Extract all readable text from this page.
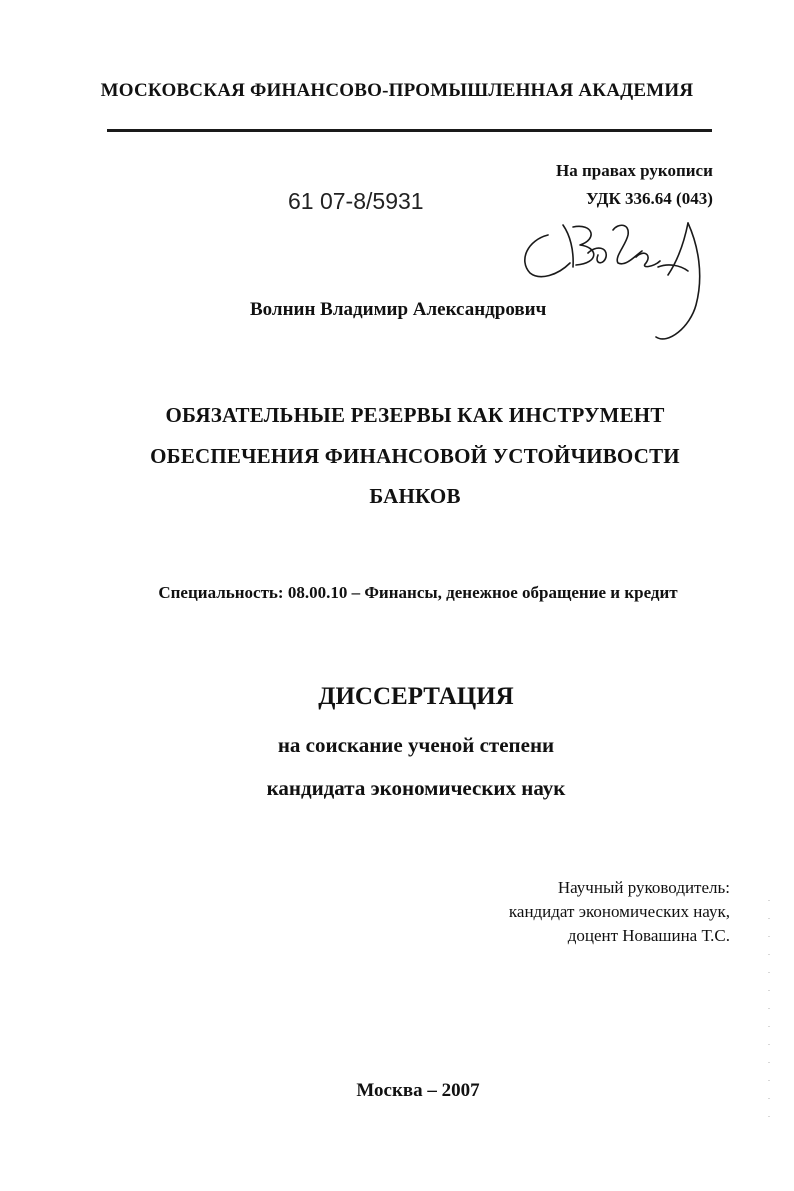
МОСКОВСКАЯ ФИНАНСОВО-ПРОМЫШЛЕННАЯ АКАДЕМИЯ
На правах рукописи
УДК 336.64 (043)
61 07-8/5931
Волнин Владимир Александрович
ОБЯЗАТЕЛЬНЫЕ РЕЗЕРВЫ КАК ИНСТРУМЕНТ
ОБЕСПЕЧЕНИЯ ФИНАНСОВОЙ УСТОЙЧИВОСТИ
БАНКОВ
Специальность: 08.00.10 – Финансы, денежное обращение и кредит
ДИССЕРТАЦИЯ
на соискание ученой степени
кандидата экономических наук
Научный руководитель:
кандидат экономических наук,
доцент Новашина Т.С.
Москва – 2007
